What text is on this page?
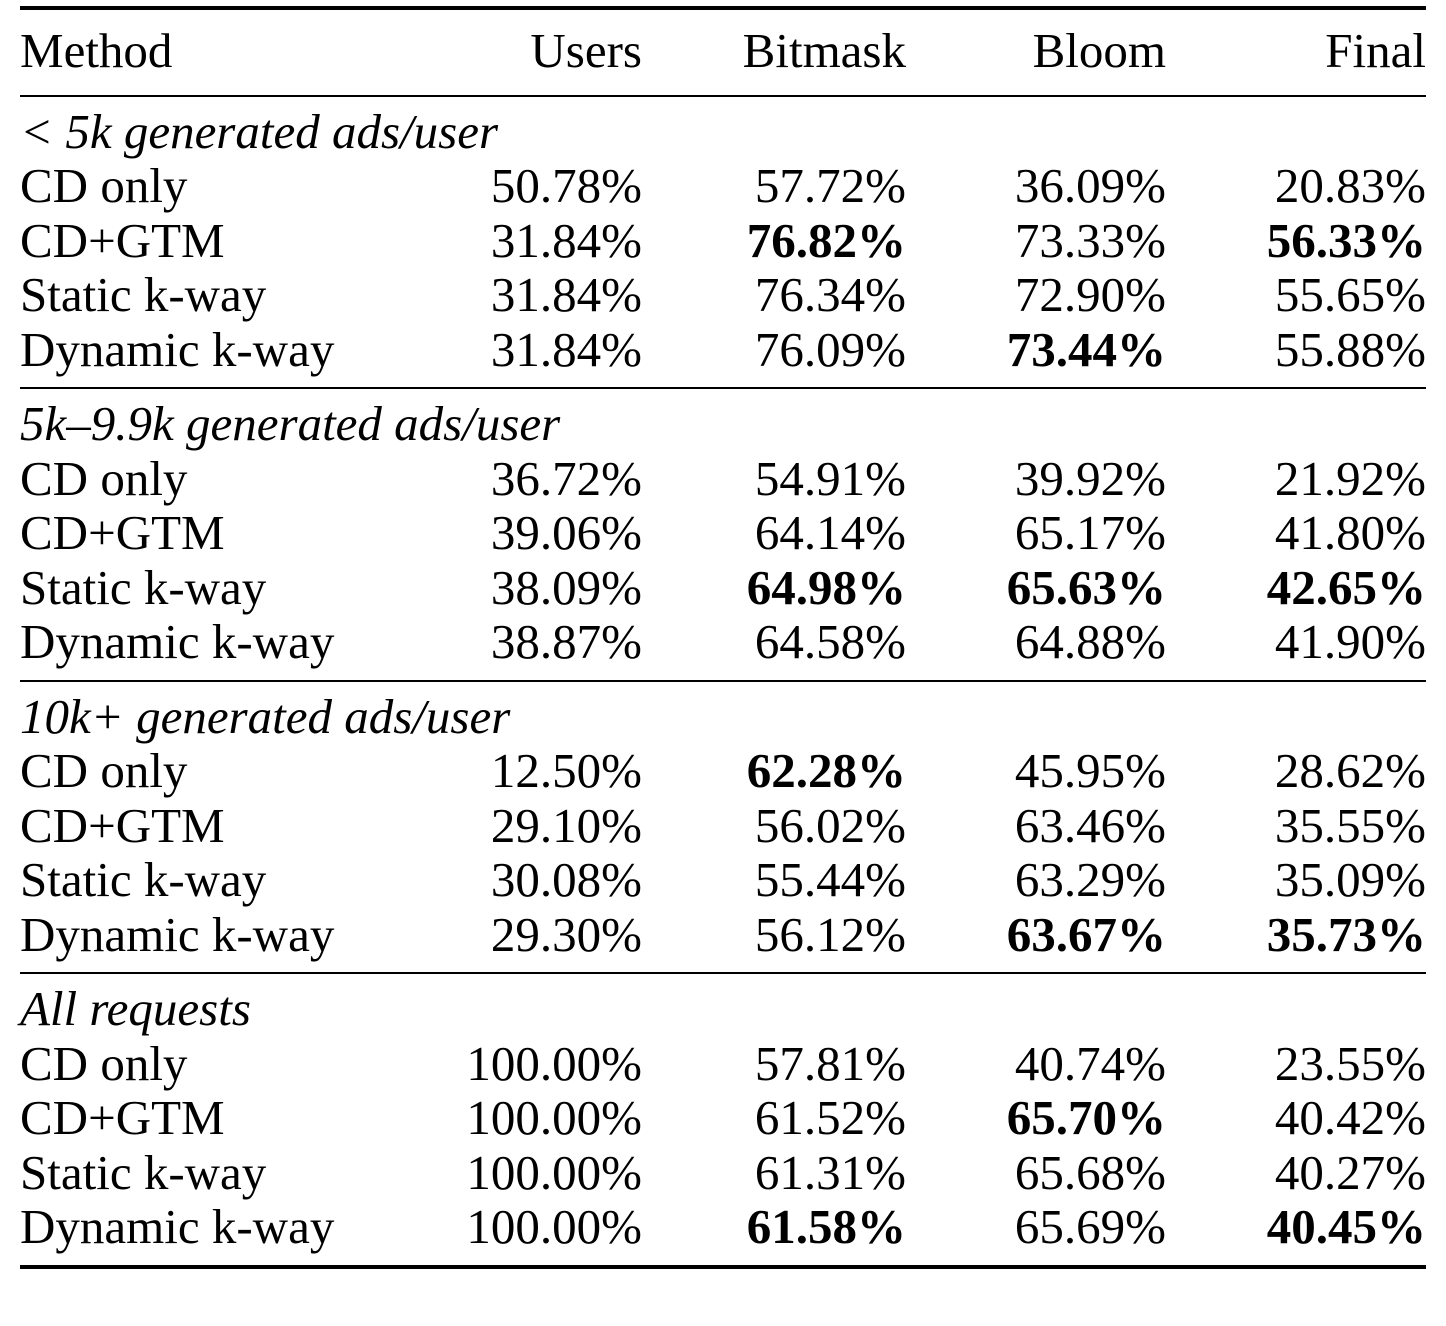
Method	Users	Bitmask	Bloom	Final
< 5k generated ads/user				
CD only	50.78%	57.72%	36.09%	20.83%
CD+GTM	31.84%	76.82%	73.33%	56.33%
Static k-way	31.84%	76.34%	72.90%	55.65%
Dynamic k-way	31.84%	76.09%	73.44%	55.88%
5k–9.9k generated ads/user				
CD only	36.72%	54.91%	39.92%	21.92%
CD+GTM	39.06%	64.14%	65.17%	41.80%
Static k-way	38.09%	64.98%	65.63%	42.65%
Dynamic k-way	38.87%	64.58%	64.88%	41.90%
10k+ generated ads/user				
CD only	12.50%	62.28%	45.95%	28.62%
CD+GTM	29.10%	56.02%	63.46%	35.55%
Static k-way	30.08%	55.44%	63.29%	35.09%
Dynamic k-way	29.30%	56.12%	63.67%	35.73%
All requests				
CD only	100.00%	57.81%	40.74%	23.55%
CD+GTM	100.00%	61.52%	65.70%	40.42%
Static k-way	100.00%	61.31%	65.68%	40.27%
Dynamic k-way	100.00%	61.58%	65.69%	40.45%
